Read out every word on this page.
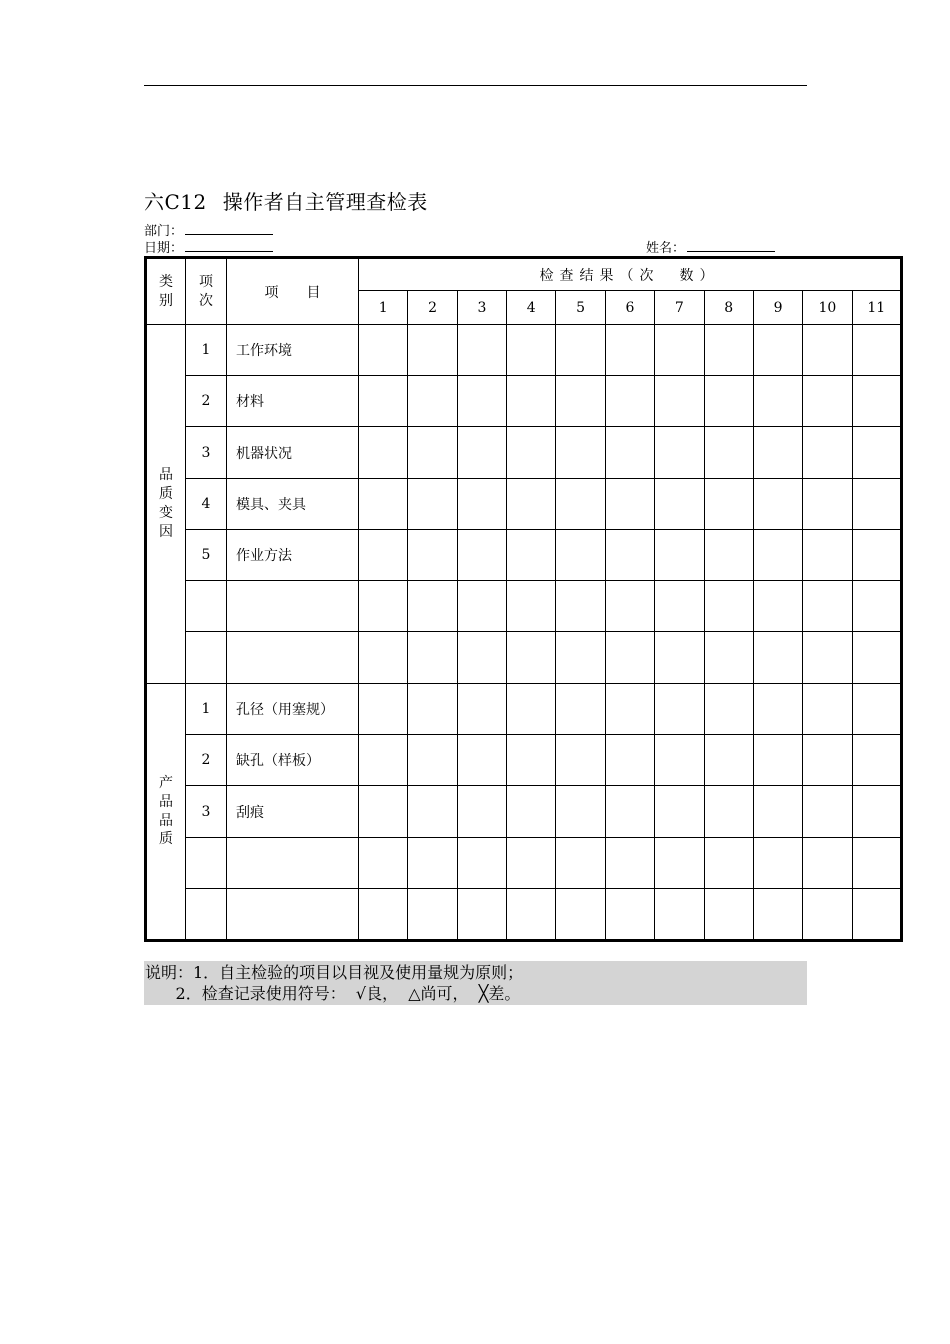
六C12 操作者自主管理查检表
部门：
日期：	姓名：
类别	项次	项　　目	检查结果（次　数）										
			1	2	3	4	5	6	7	8	9	10	11
品质变因	1	工作环境											
	2	材料											
	3	机器状况											
	4	模具、夹具											
	5	作业方法											

产品品质	1	孔径（用塞规）											
	2	缺孔（样板）											
	3	刮痕											

说明：1．自主检验的项目以目视及使用量规为原则；
2．检查记录使用符号：  √良，  △尚可，  ╳差。
